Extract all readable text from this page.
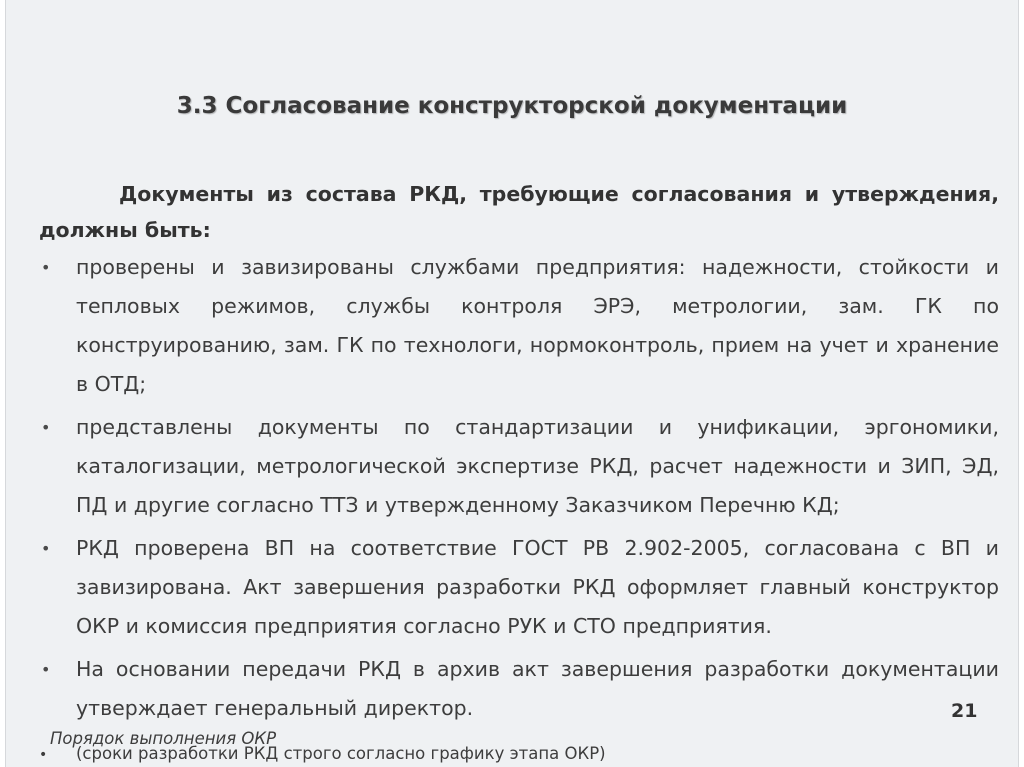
3.3 Согласование конструкторской документации

Документы из состава РКД, требующие согласования и утверждения, должны быть:

• проверены и завизированы службами предприятия: надежности, стойкости и тепловых режимов, службы контроля ЭРЭ, метрологии, зам. ГК по конструированию, зам. ГК по технологи, нормоконтроль, прием на учет и хранение в ОТД;
• представлены документы по стандартизации и унификации, эргономики, каталогизации, метрологической экспертизе РКД, расчет надежности и ЗИП, ЭД, ПД и другие согласно ТТЗ и утвержденному Заказчиком Перечню КД;
• РКД проверена ВП на соответствие ГОСТ РВ 2.902-2005, согласована с ВП и завизирована. Акт завершения разработки РКД оформляет главный конструктор ОКР и комиссия предприятия согласно РУК и СТО предприятия.
• На основании передачи РКД в архив акт завершения разработки документации утверждает генеральный директор.	21

Порядок выполнения ОКР

• (сроки разработки РКД строго согласно графику этапа ОКР)
